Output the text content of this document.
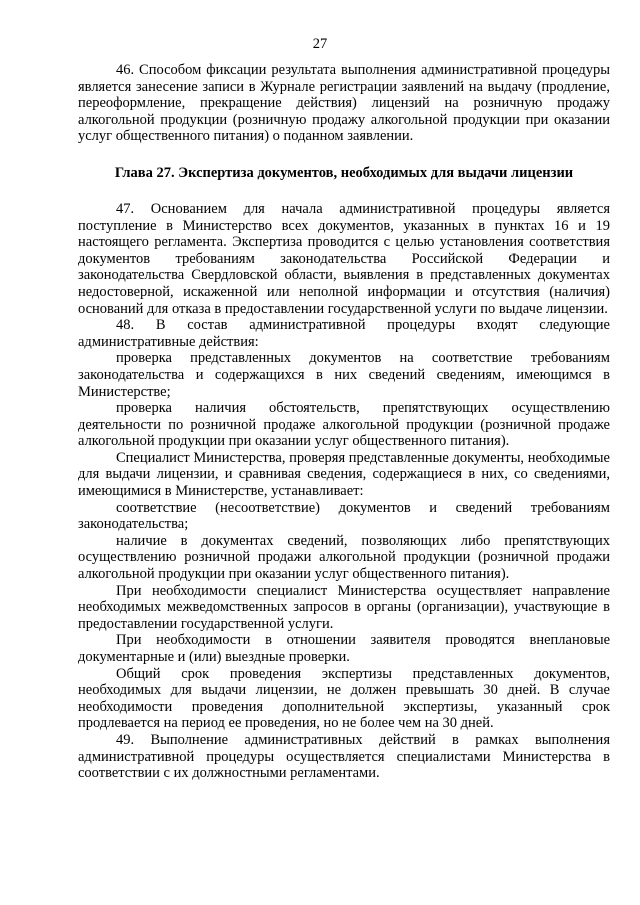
27

46. Способом фиксации результата выполнения административной процедуры является занесение записи в Журнале регистрации заявлений на выдачу (продление, переоформление, прекращение действия) лицензий на розничную продажу алкогольной продукции (розничную продажу алкогольной продукции при оказании услуг общественного питания) о поданном заявлении.

Глава 27. Экспертиза документов, необходимых для выдачи лицензии

47. Основанием для начала административной процедуры является поступление в Министерство всех документов, указанных в пунктах 16 и 19 настоящего регламента. Экспертиза проводится с целью установления соответствия документов требованиям законодательства Российской Федерации и законодательства Свердловской области, выявления в представленных документах недостоверной, искаженной или неполной информации и отсутствия (наличия) оснований для отказа в предоставлении государственной услуги по выдаче лицензии.

48. В состав административной процедуры входят следующие административные действия:

проверка представленных документов на соответствие требованиям законодательства и содержащихся в них сведений сведениям, имеющимся в Министерстве;

проверка наличия обстоятельств, препятствующих осуществлению деятельности по розничной продаже алкогольной продукции (розничной продаже алкогольной продукции при оказании услуг общественного питания).

Специалист Министерства, проверяя представленные документы, необходимые для выдачи лицензии, и сравнивая сведения, содержащиеся в них, со сведениями, имеющимися в Министерстве, устанавливает:

соответствие (несоответствие) документов и сведений требованиям законодательства;

наличие в документах сведений, позволяющих либо препятствующих осуществлению розничной продажи алкогольной продукции (розничной продажи алкогольной продукции при оказании услуг общественного питания).

При необходимости специалист Министерства осуществляет направление необходимых межведомственных запросов в органы (организации), участвующие в предоставлении государственной услуги.

При необходимости в отношении заявителя проводятся внеплановые документарные и (или) выездные проверки.

Общий срок проведения экспертизы представленных документов, необходимых для выдачи лицензии, не должен превышать 30 дней. В случае необходимости проведения дополнительной экспертизы, указанный срок продлевается на период ее проведения, но не более чем на 30 дней.

49. Выполнение административных действий в рамках выполнения административной процедуры осуществляется специалистами Министерства в соответствии с их должностными регламентами.
